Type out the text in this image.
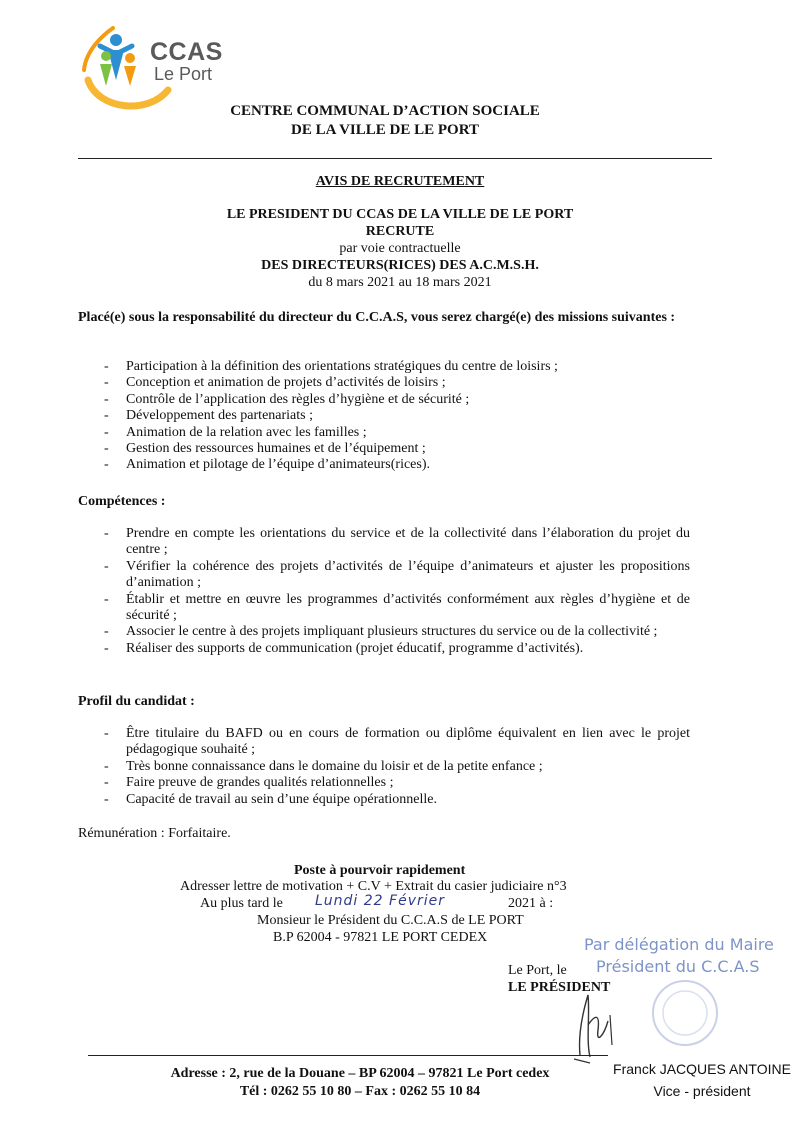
CCAS
Le Port
CENTRE COMMUNAL D’ACTION SOCIALE
DE LA VILLE DE LE PORT
AVIS DE RECRUTEMENT
LE PRESIDENT DU CCAS DE LA VILLE DE LE PORT
RECRUTE
par voie contractuelle
DES DIRECTEURS(RICES) DES A.C.M.S.H.
du 8 mars 2021 au 18 mars 2021
Placé(e) sous la responsabilité du directeur du C.C.A.S, vous serez chargé(e) des missions suivantes :
- Participation à la définition des orientations stratégiques du centre de loisirs ;
- Conception et animation de projets d’activités de loisirs ;
- Contrôle de l’application des règles d’hygiène et de sécurité ;
- Développement des partenariats ;
- Animation de la relation avec les familles ;
- Gestion des ressources humaines et de l’équipement ;
- Animation et pilotage de l’équipe d’animateurs(rices).
Compétences :
- Prendre en compte les orientations du service et de la collectivité dans l’élaboration du projet du centre ;
- Vérifier la cohérence des projets d’activités de l’équipe d’animateurs et ajuster les propositions d’animation ;
- Établir et mettre en œuvre les programmes d’activités conformément aux règles d’hygiène et de sécurité ;
- Associer le centre à des projets impliquant plusieurs structures du service ou de la collectivité ;
- Réaliser des supports de communication (projet éducatif, programme d’activités).
Profil du candidat :
- Être titulaire du BAFD ou en cours de formation ou diplôme équivalent en lien avec le projet pédagogique souhaité ;
- Très bonne connaissance dans le domaine du loisir et de la petite enfance ;
- Faire preuve de grandes qualités relationnelles ;
- Capacité de travail au sein d’une équipe opérationnelle.
Rémunération : Forfaitaire.
Poste à pourvoir rapidement
Adresser lettre de motivation + C.V + Extrait du casier judiciaire n°3
Au plus tard le Lundi 22 Février	2021 à :
Monsieur le Président du C.C.A.S de LE PORT
B.P 62004 - 97821 LE PORT CEDEX	Par délégation du Maire
Président du C.C.A.S
Le Port, le
LE PRÉSIDENT
Franck JACQUES ANTOINE
Vice - président
Adresse : 2, rue de la Douane – BP 62004 – 97821 Le Port cedex
Tél : 0262 55 10 80 – Fax : 0262 55 10 84
